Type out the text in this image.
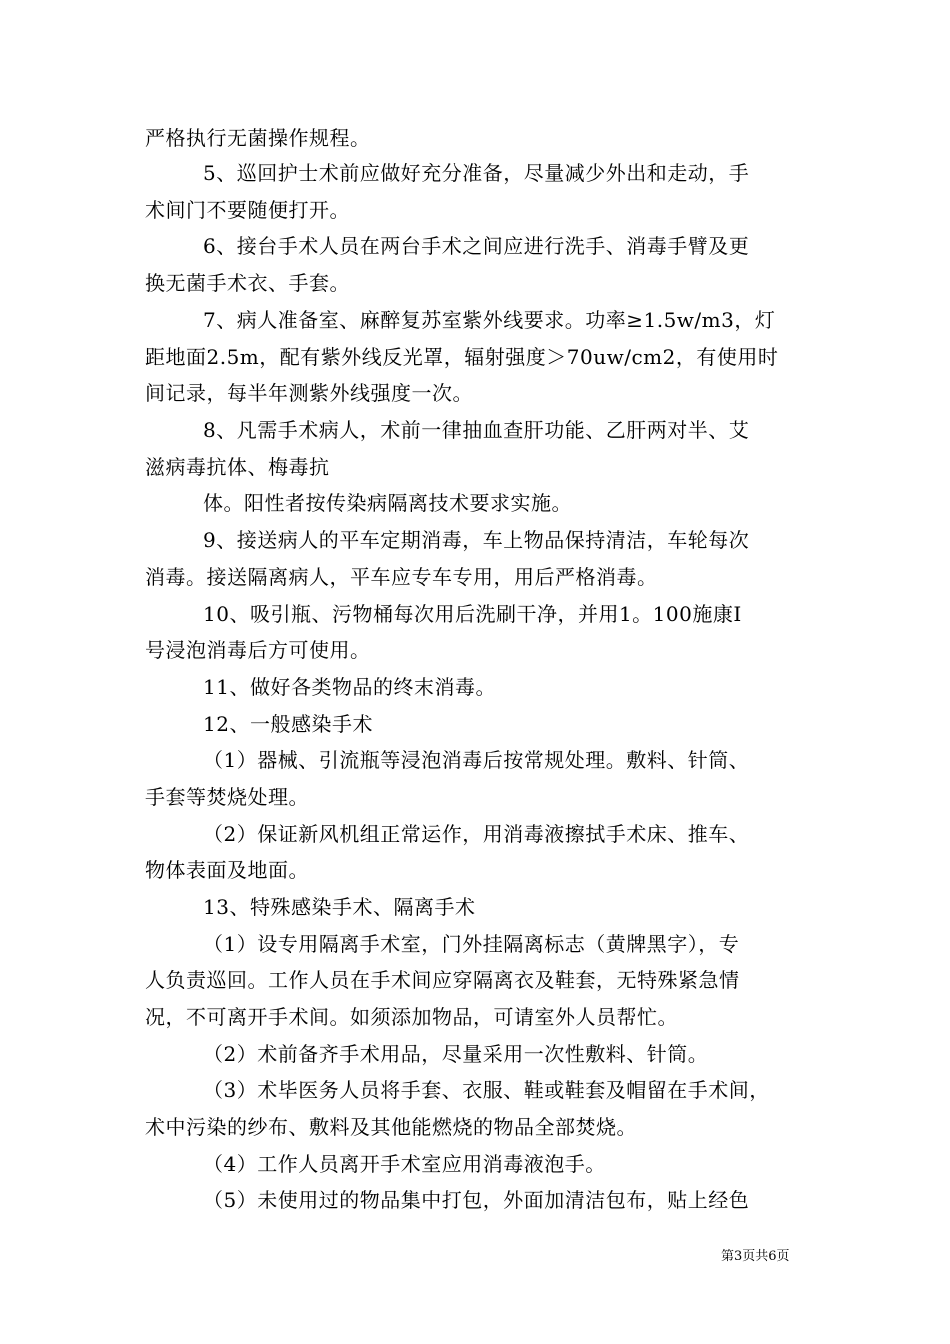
严格执行无菌操作规程。
5、巡回护士术前应做好充分准备，尽量减少外出和走动，手
术间门不要随便打开。
6、接台手术人员在两台手术之间应进行洗手、消毒手臂及更
换无菌手术衣、手套。
7、病人准备室、麻醉复苏室紫外线要求。功率≥1.5w/m3，灯
距地面2.5m，配有紫外线反光罩，辐射强度＞70uw/cm2，有使用时
间记录，每半年测紫外线强度一次。
8、凡需手术病人，术前一律抽血查肝功能、乙肝两对半、艾
滋病毒抗体、梅毒抗
体。阳性者按传染病隔离技术要求实施。
9、接送病人的平车定期消毒，车上物品保持清洁，车轮每次
消毒。接送隔离病人，平车应专车专用，用后严格消毒。
10、吸引瓶、污物桶每次用后洗刷干净，并用1。100施康Ⅰ
号浸泡消毒后方可使用。
11、做好各类物品的终末消毒。
12、一般感染手术
（1）器械、引流瓶等浸泡消毒后按常规处理。敷料、针筒、
手套等焚烧处理。
（2）保证新风机组正常运作，用消毒液擦拭手术床、推车、
物体表面及地面。
13、特殊感染手术、隔离手术
（1）设专用隔离手术室，门外挂隔离标志（黄牌黑字），专
人负责巡回。工作人员在手术间应穿隔离衣及鞋套，无特殊紧急情
况，不可离开手术间。如须添加物品，可请室外人员帮忙。
（2）术前备齐手术用品，尽量采用一次性敷料、针筒。
（3）术毕医务人员将手套、衣服、鞋或鞋套及帽留在手术间，
术中污染的纱布、敷料及其他能燃烧的物品全部焚烧。
（4）工作人员离开手术室应用消毒液泡手。
（5）未使用过的物品集中打包，外面加清洁包布，贴上经色
第3页共6页
